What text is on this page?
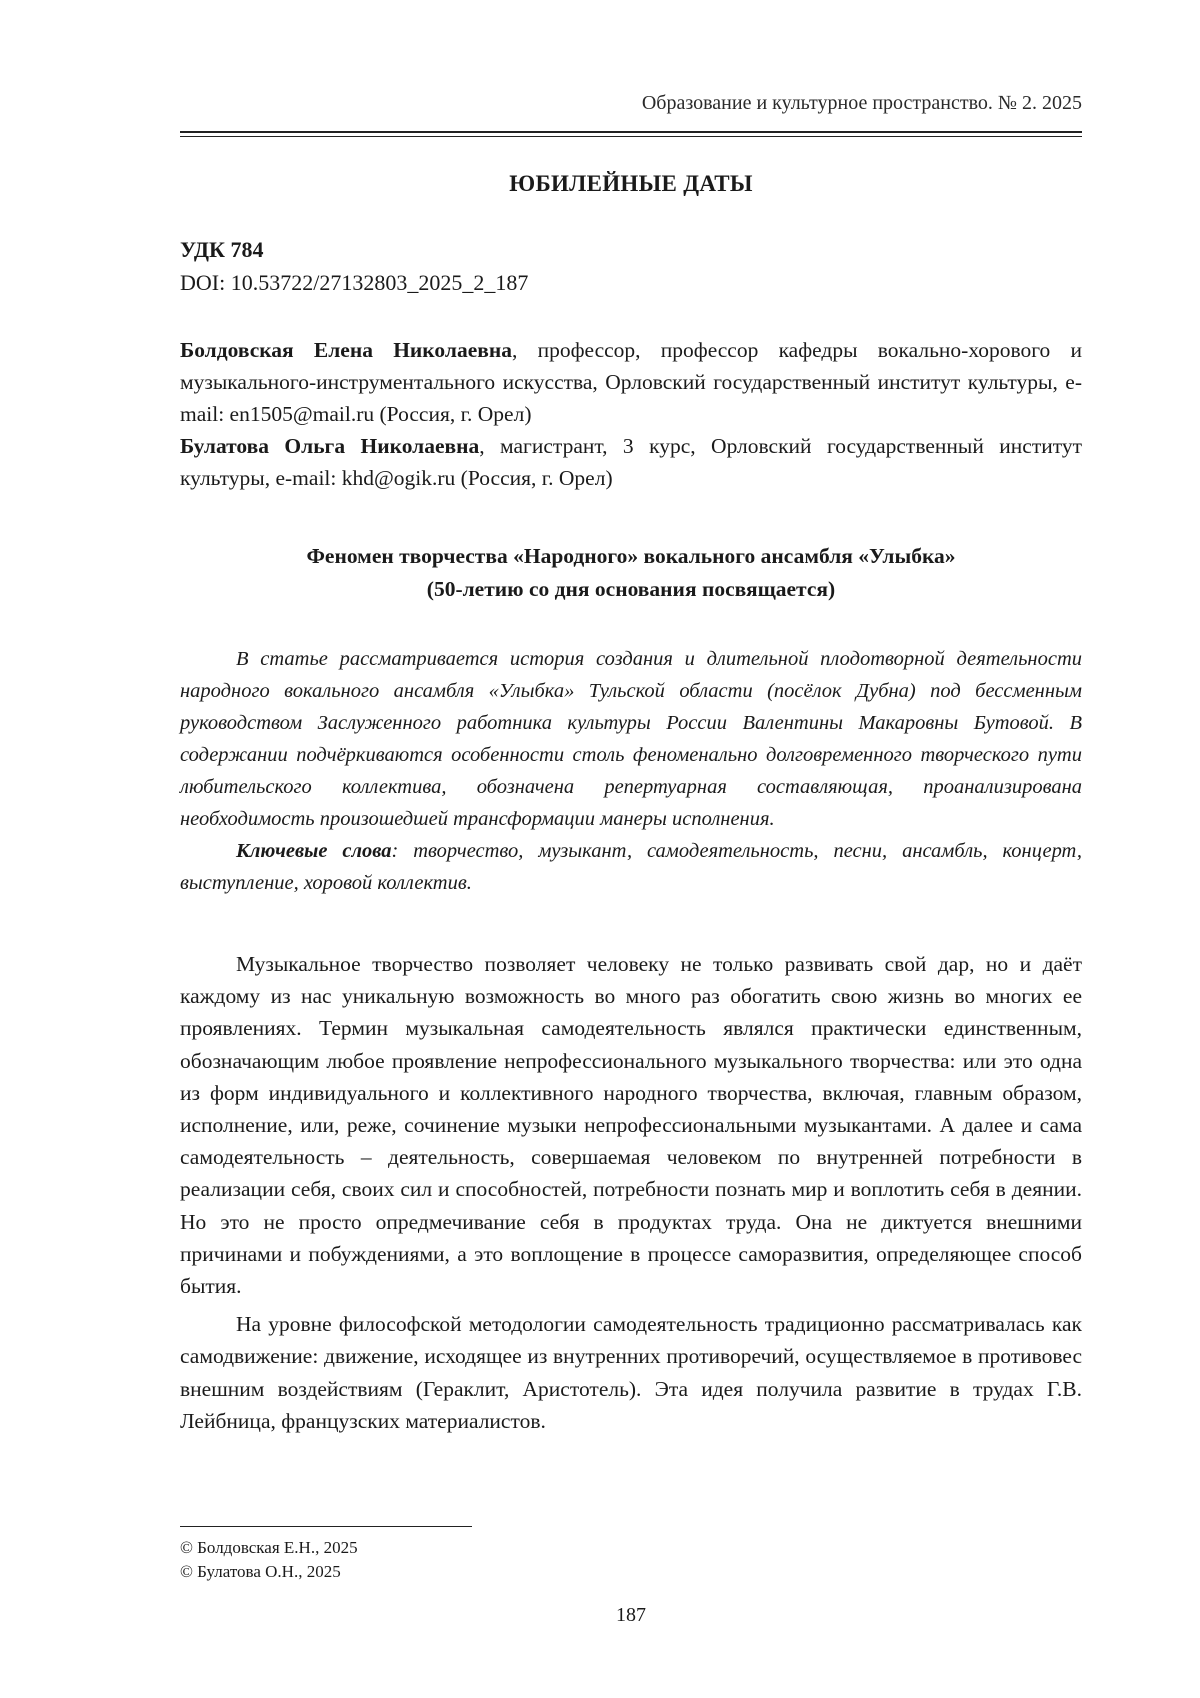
Образование и культурное пространство. № 2. 2025
ЮБИЛЕЙНЫЕ ДАТЫ
УДК 784
DOI: 10.53722/27132803_2025_2_187

Болдовская Елена Николаевна, профессор, профессор кафедры вокально-хорового и музыкального-инструментального искусства, Орловский государственный институт культуры, e-mail: en1505@mail.ru (Россия, г. Орел)

Булатова Ольга Николаевна, магистрант, 3 курс, Орловский государственный институт культуры, e-mail: khd@ogik.ru (Россия, г. Орел)

Феномен творчества «Народного» вокального ансамбля «Улыбка»
(50-летию со дня основания посвящается)

В статье рассматривается история создания и длительной плодотворной деятельности народного вокального ансамбля «Улыбка» Тульской области (посёлок Дубна) под бессменным руководством Заслуженного работника культуры России Валентины Макаровны Бутовой. В содержании подчёркиваются особенности столь феноменально долговременного творческого пути любительского коллектива, обозначена репертуарная составляющая, проанализирована необходимость произошедшей трансформации манеры исполнения.

Ключевые слова: творчество, музыкант, самодеятельность, песни, ансамбль, концерт, выступление, хоровой коллектив.

Музыкальное творчество позволяет человеку не только развивать свой дар, но и даёт каждому из нас уникальную возможность во много раз обогатить свою жизнь во многих ее проявлениях. Термин музыкальная самодеятельность являлся практически единственным, обозначающим любое проявление непрофессионального музыкального творчества: или это одна из форм индивидуального и коллективного народного творчества, включая, главным образом, исполнение, или, реже, сочинение музыки непрофессиональными музыкантами. А далее и сама самодеятельность – деятельность, совершаемая человеком по внутренней потребности в реализации себя, своих сил и способностей, потребности познать мир и воплотить себя в деянии. Но это не просто опредмечивание себя в продуктах труда. Она не диктуется внешними причинами и побуждениями, а это воплощение в процессе саморазвития, определяющее способ бытия.

На уровне философской методологии самодеятельность традиционно рассматривалась как самодвижение: движение, исходящее из внутренних противоречий, осуществляемое в противовес внешним воздействиям (Гераклит, Аристотель). Эта идея получила развитие в трудах Г.В. Лейбница, французских материалистов.

© Болдовская Е.Н., 2025
© Булатова О.Н., 2025
187
